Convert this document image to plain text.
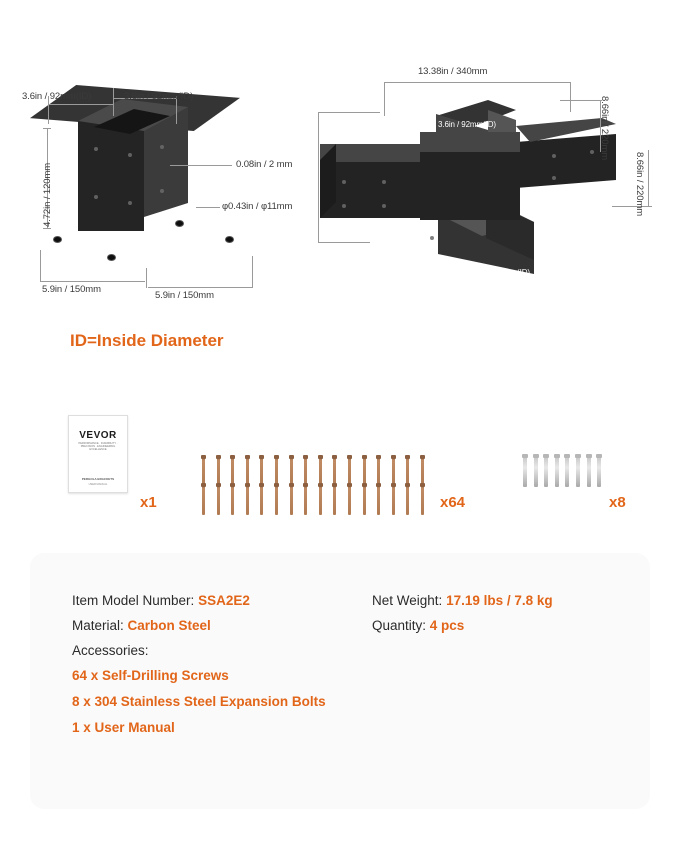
3.6in / 92mm(ID)	3.6in / 92mm(ID)
4.72in / 120mm	0.08in / 2 mm
φ0.43in / φ11mm
5.9in / 150mm
5.9in / 150mm
3.6in / 92mm(ID)
3.6in / 92mm(ID)
13.38in / 340mm
8.66in / 220mm
8.66in / 220mm
ID=Inside Diameter
VEVOR
PERFORMANCE . DURABILITY . PRECISION . ENGINEERING EXCELLENCE
PERGOLA BRACKETS
USER MANUAL
x1	x64	x8
Item Model Number: SSA2E2
Material: Carbon Steel
Accessories:
64 x Self-Drilling Screws
8 x 304 Stainless Steel Expansion Bolts
1 x User Manual
Net Weight: 17.19 lbs / 7.8 kg
Quantity: 4 pcs
